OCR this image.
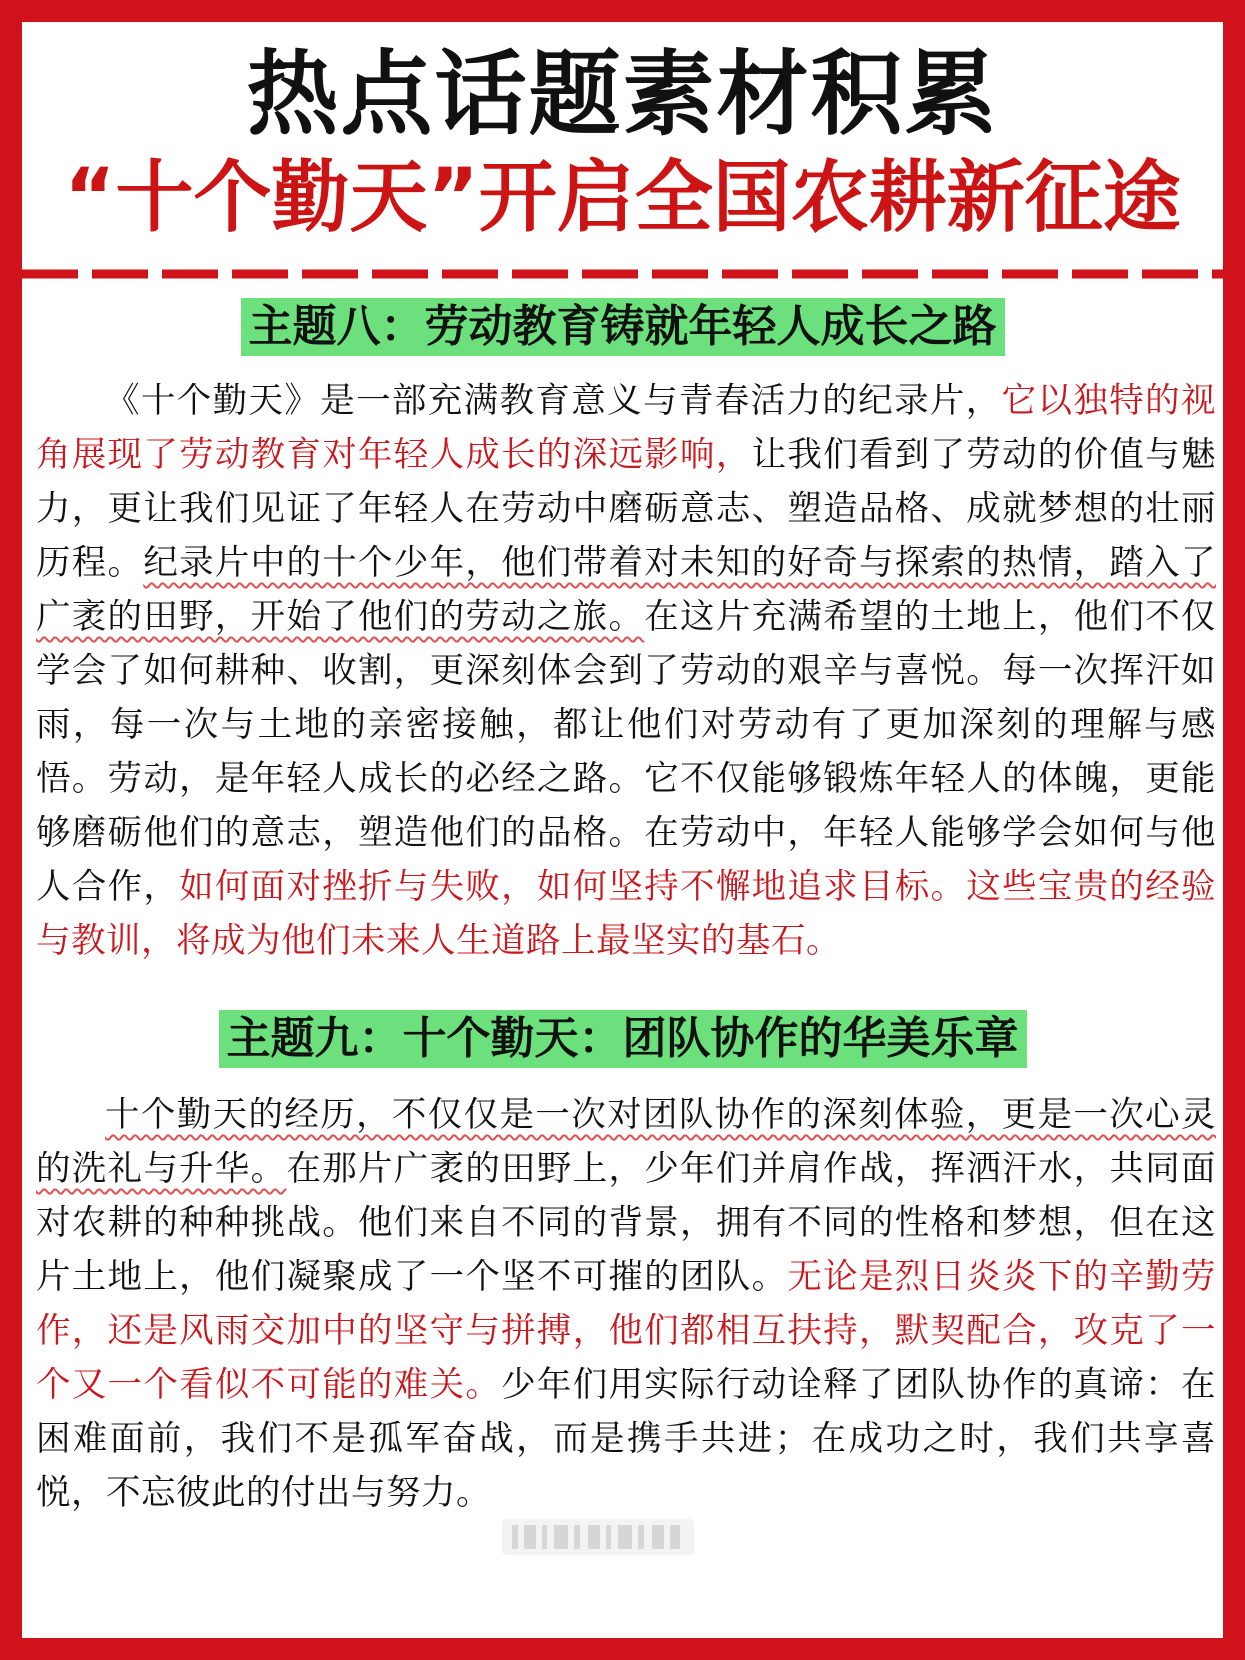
热点话题素材积累
“十个勤天”开启全国农耕新征途
主题八：劳动教育铸就年轻人成长之路

《十个勤天》是一部充满教育意义与青春活力的纪录片，它以独特的视角展现了劳动教育对年轻人成长的深远影响，让我们看到了劳动的价值与魅力，更让我们见证了年轻人在劳动中磨砺意志、塑造品格、成就梦想的壮丽历程。纪录片中的十个少年，他们带着对未知的好奇与探索的热情，踏入了广袤的田野，开始了他们的劳动之旅。在这片充满希望的土地上，他们不仅学会了如何耕种、收割，更深刻体会到了劳动的艰辛与喜悦。每一次挥汗如雨，每一次与土地的亲密接触，都让他们对劳动有了更加深刻的理解与感悟。劳动，是年轻人成长的必经之路。它不仅能够锻炼年轻人的体魄，更能够磨砺他们的意志，塑造他们的品格。在劳动中，年轻人能够学会如何与他人合作，如何面对挫折与失败，如何坚持不懈地追求目标。这些宝贵的经验与教训，将成为他们未来人生道路上最坚实的基石。

主题九：十个勤天：团队协作的华美乐章

十个勤天的经历，不仅仅是一次对团队协作的深刻体验，更是一次心灵的洗礼与升华。在那片广袤的田野上，少年们并肩作战，挥洒汗水，共同面对农耕的种种挑战。他们来自不同的背景，拥有不同的性格和梦想，但在这片土地上，他们凝聚成了一个坚不可摧的团队。无论是烈日炎炎下的辛勤劳作，还是风雨交加中的坚守与拼搏，他们都相互扶持，默契配合，攻克了一个又一个看似不可能的难关。少年们用实际行动诠释了团队协作的真谛：在困难面前，我们不是孤军奋战，而是携手共进；在成功之时，我们共享喜悦，不忘彼此的付出与努力。
